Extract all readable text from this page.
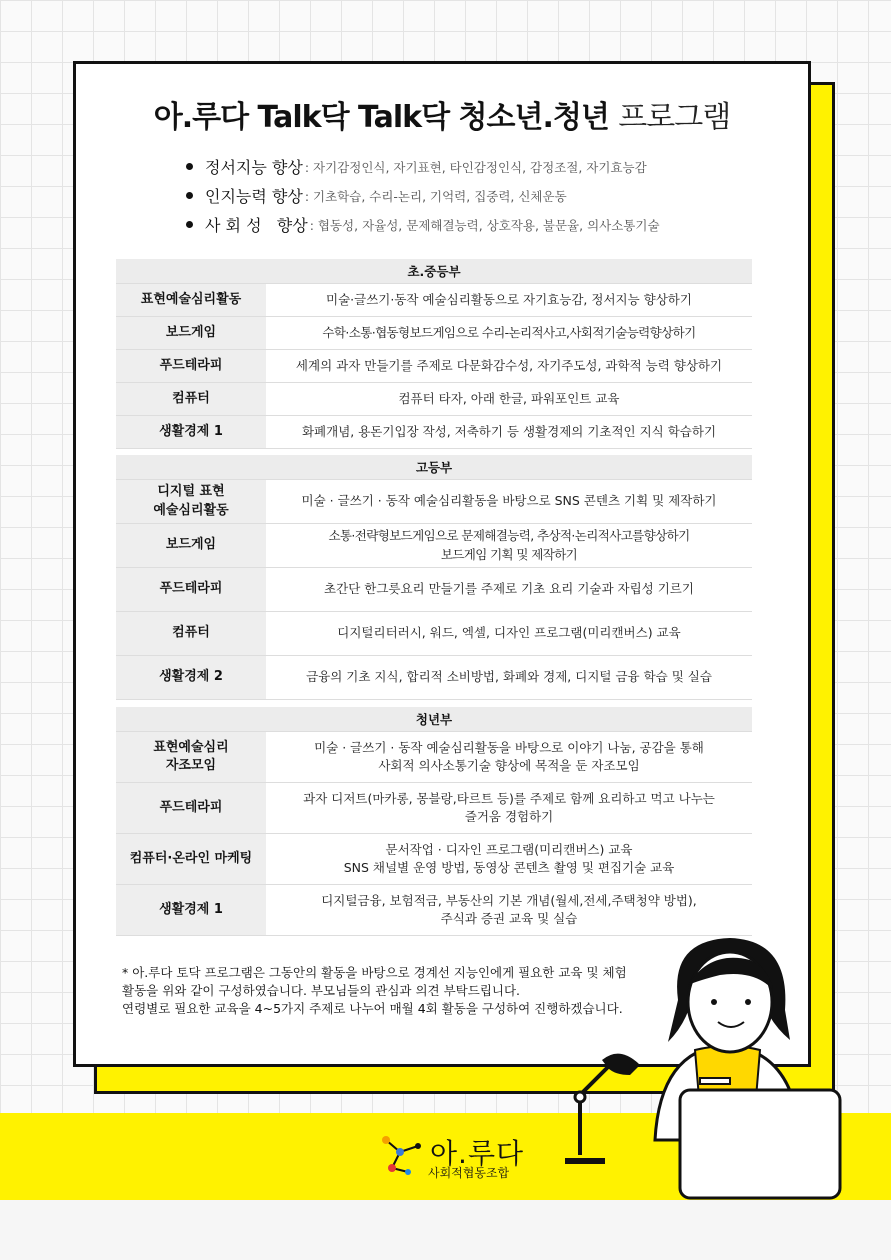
아.루다 Talk닥 Talk닥 청소년.청년 프로그램
정서지능 향상 : 자기감정인식, 자기표현, 타인감정인식, 감정조절, 자기효능감
인지능력 향상 : 기초학습, 수리-논리, 기억력, 집중력, 신체운동
사 회 성   향상 : 협동성, 자율성, 문제해결능력, 상호작용, 불문율, 의사소통기술
초.중등부	
표현예술심리활동	미술·글쓰기·동작 예술심리활동으로 자기효능감, 정서지능 향상하기
보드게임	수학·소통·협동형보드게임으로 수리-논리적사고,사회적기술능력향상하기
푸드테라피	세계의 과자 만들기를 주제로 다문화감수성, 자기주도성, 과학적 능력 향상하기
컴퓨터	컴퓨터 타자, 아래 한글, 파워포인트 교육
생활경제 1	화폐개념, 용돈기입장 작성, 저축하기 등 생활경제의 기초적인 지식 학습하기
고등부	
디지털 표현
예술심리활동	미술 · 글쓰기 · 동작 예술심리활동을 바탕으로 SNS 콘텐츠 기획 및 제작하기
보드게임	소통·전략형보드게임으로 문제해결능력, 추상적·논리적사고를향상하기
보드게임 기획 및 제작하기
푸드테라피	초간단 한그릇요리 만들기를 주제로 기초 요리 기술과 자립성 기르기
컴퓨터	디지털리터러시, 워드, 엑셀, 디자인 프로그램(미리캔버스) 교육
생활경제 2	금융의 기초 지식, 합리적 소비방법, 화폐와 경제, 디지털 금융 학습 및 실습
청년부	
표현예술심리
자조모임	미술 · 글쓰기 · 동작 예술심리활동을 바탕으로 이야기 나눔, 공감을 통해
사회적 의사소통기술 향상에 목적을 둔 자조모임
푸드테라피	과자 디저트(마카롱, 몽블랑,타르트 등)를 주제로 함께 요리하고 먹고 나누는
즐거움 경험하기
컴퓨터·온라인 마케팅	문서작업 · 디자인 프로그램(미리캔버스) 교육
SNS 채널별 운영 방법, 동영상 콘텐츠 촬영 및 편집기술 교육
생활경제 1	디지털금융, 보험적금, 부동산의 기본 개념(월세,전세,주택청약 방법),
주식과 증권 교육 및 실습
* 아.루다 토닥 프로그램은 그동안의 활동을 바탕으로 경계선 지능인에게 필요한 교육 및 체험
활동을 위와 같이 구성하였습니다. 부모님들의 관심과 의견 부탁드립니다.
연령별로 필요한 교육을 4~5가지 주제로 나누어 매월 4회 활동을 구성하여 진행하겠습니다.
아.루다
사회적협동조합
